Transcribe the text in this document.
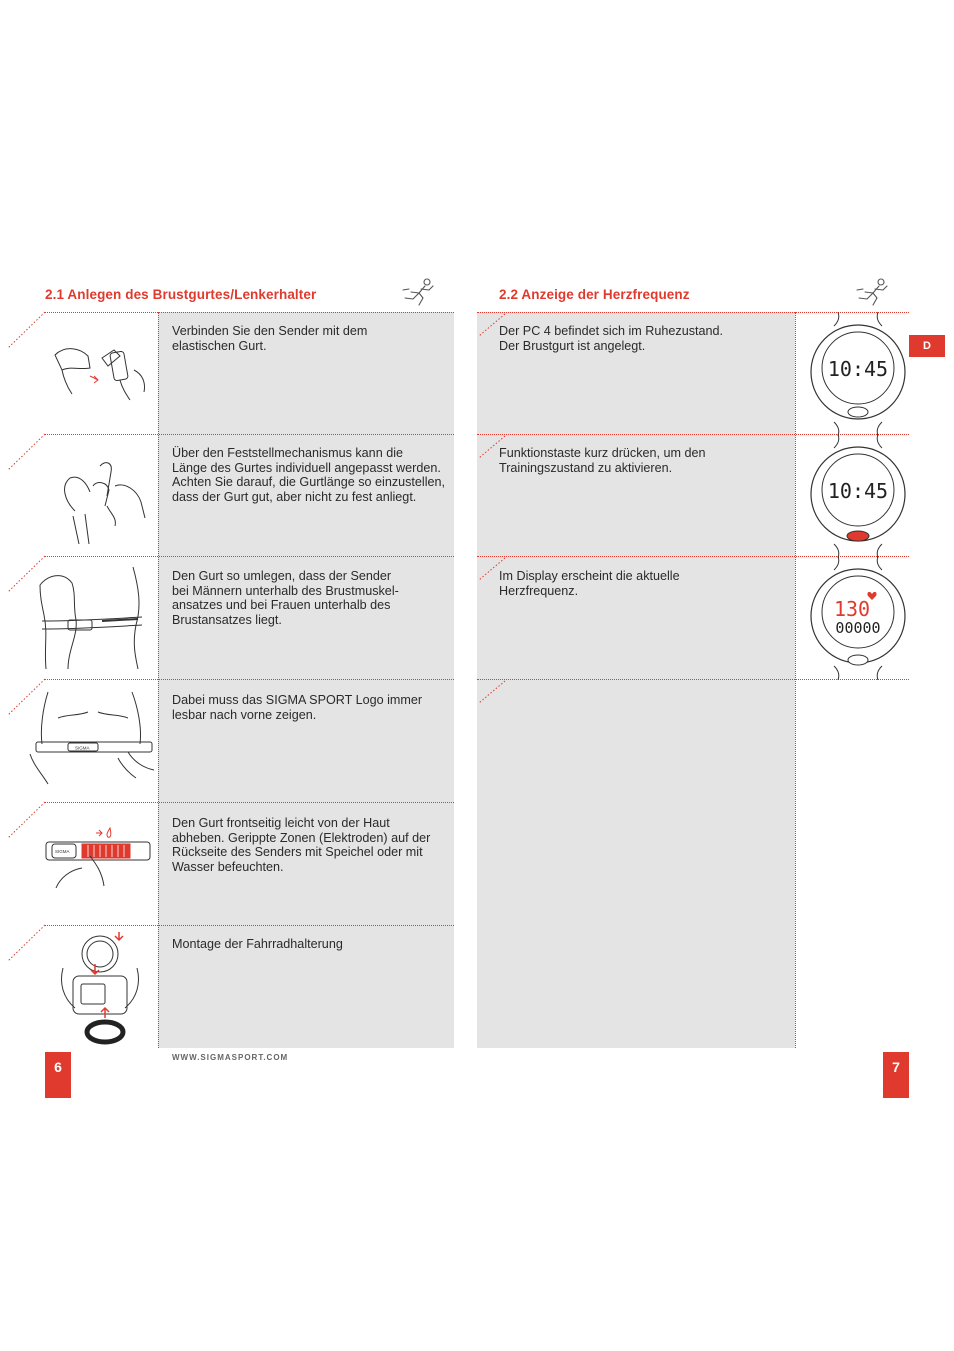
2.1 Anlegen des Brustgurtes/Lenkerhalter
Verbinden Sie den Sender mit dem
elastischen Gurt.
Über den Feststellmechanismus kann die
Länge des Gurtes individuell angepasst werden.
Achten Sie darauf, die Gurtlänge so einzustellen,
dass der Gurt gut, aber nicht zu fest anliegt.
Den Gurt so umlegen, dass der Sender
bei Männern unterhalb des Brustmuskel-
ansatzes und bei Frauen unterhalb des
Brustansatzes liegt.
Dabei muss das SIGMA SPORT Logo immer
lesbar nach vorne zeigen.
Den Gurt frontseitig leicht von der Haut
abheben. Gerippte Zonen (Elektroden) auf der
Rückseite des Senders mit Speichel oder mit
Wasser befeuchten.
Montage der Fahrradhalterung
SIGMA
SIGMA
6
WWW.SIGMASPORT.COM
2.2 Anzeige der Herzfrequenz
Der PC 4 befindet sich im Ruhezustand.
Der Brustgurt ist angelegt.
Funktionstaste kurz drücken, um den
Trainingszustand zu aktivieren.
Im Display erscheint die aktuelle
Herzfrequenz.
D
10:45
10:45
130
00000
7
